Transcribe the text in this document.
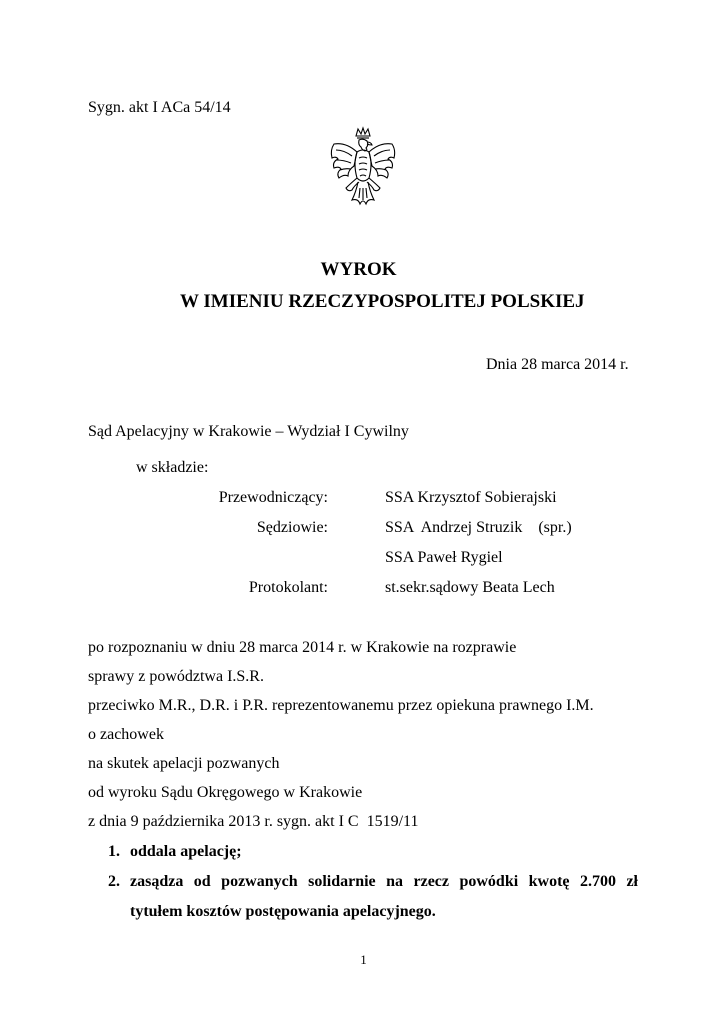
Sygn. akt I ACa 54/14
WYROK
W IMIENIU RZECZYPOSPOLITEJ POLSKIEJ
Dnia 28 marca 2014 r.
Sąd Apelacyjny w Krakowie – Wydział I Cywilny
w składzie:
Przewodniczący:	SSA Krzysztof Sobierajski
Sędziowie:	SSA  Andrzej Struzik    (spr.)
SSA Paweł Rygiel
Protokolant:	st.sekr.sądowy Beata Lech
po rozpoznaniu w dniu 28 marca 2014 r. w Krakowie na rozprawie
sprawy z powództwa I.S.R.
przeciwko M.R., D.R. i P.R. reprezentowanemu przez opiekuna prawnego I.M.
o zachowek
na skutek apelacji pozwanych
od wyroku Sądu Okręgowego w Krakowie
z dnia 9 października 2013 r. sygn. akt I C  1519/11
1. oddala apelację;
2. zasądza od pozwanych solidarnie na rzecz powódki kwotę 2.700 zł
tytułem kosztów postępowania apelacyjnego.
1
